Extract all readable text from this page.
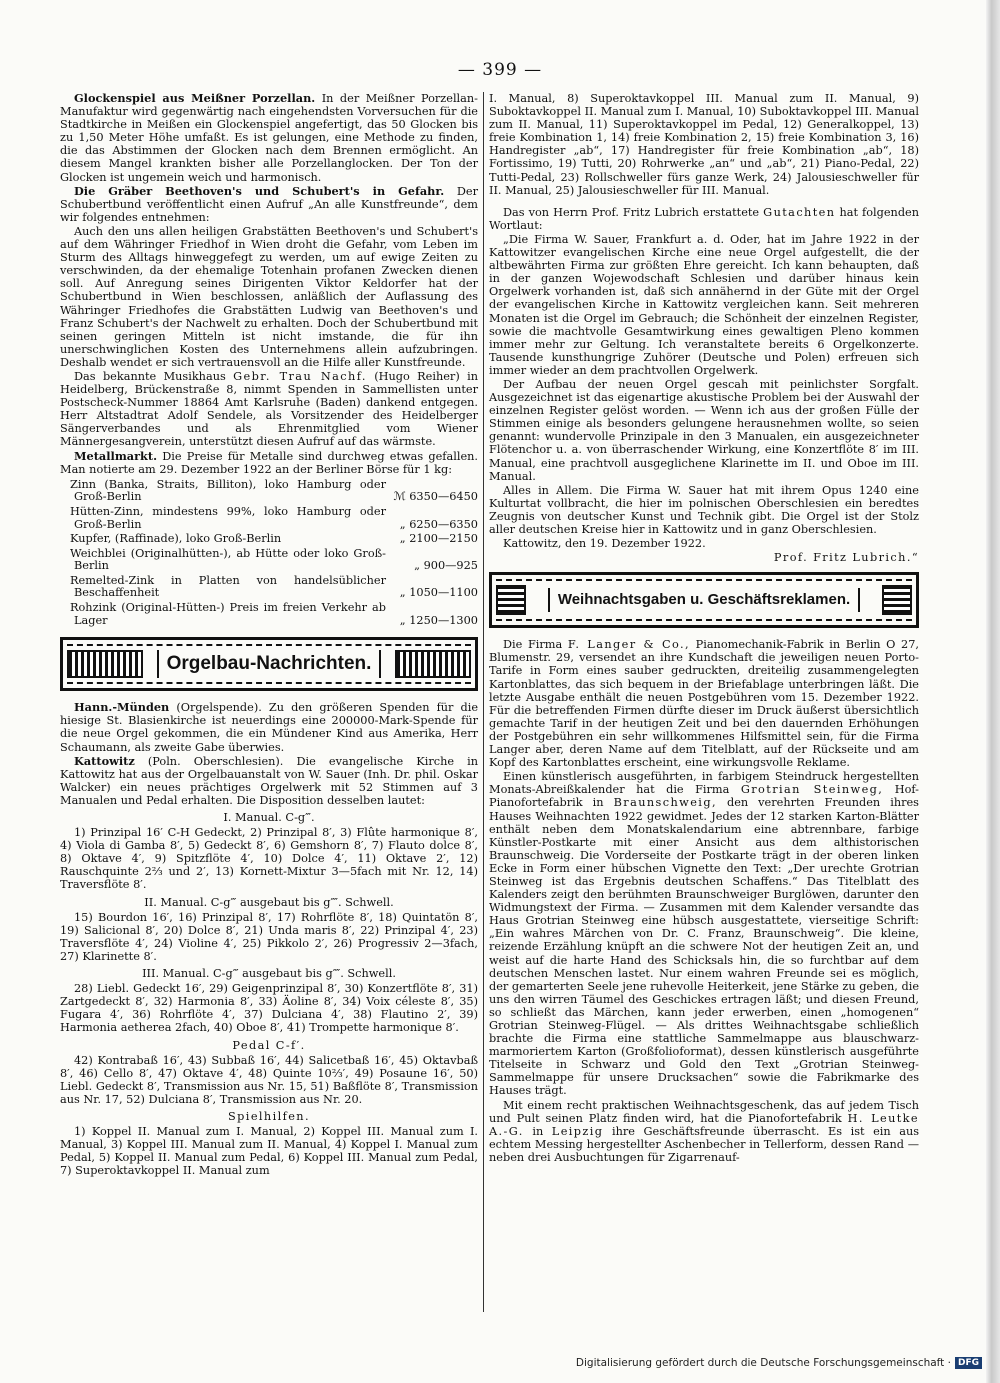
— 399 —

Glockenspiel aus Meißner Porzellan. In der Meißner Porzellan-Manufaktur wird gegenwärtig nach eingehendsten Vorversuchen für die Stadtkirche in Meißen ein Glockenspiel angefertigt, das 50 Glocken bis zu 1,50 Meter Höhe umfaßt. Es ist gelungen, eine Methode zu finden, die das Abstimmen der Glocken nach dem Brennen ermöglicht. An diesem Mangel krankten bisher alle Porzellanglocken. Der Ton der Glocken ist ungemein weich und harmonisch.

Die Gräber Beethoven's und Schubert's in Gefahr. Der Schubertbund veröffentlicht einen Aufruf „An alle Kunstfreunde“, dem wir folgendes entnehmen:

Auch den uns allen heiligen Grabstätten Beethoven's und Schubert's auf dem Währinger Friedhof in Wien droht die Gefahr, vom Leben im Sturm des Alltags hinweggefegt zu werden, um auf ewige Zeiten zu verschwinden, da der ehemalige Totenhain profanen Zwecken dienen soll. Auf Anregung seines Dirigenten Viktor Keldorfer hat der Schubertbund in Wien beschlossen, anläßlich der Auflassung des Währinger Friedhofes die Grabstätten Ludwig van Beethoven's und Franz Schubert's der Nachwelt zu erhalten. Doch der Schubertbund mit seinen geringen Mitteln ist nicht imstande, die für ihn unerschwinglichen Kosten des Unternehmens allein aufzubringen. Deshalb wendet er sich vertrauensvoll an die Hilfe aller Kunstfreunde.

Das bekannte Musikhaus Gebr. Trau Nachf. (Hugo Reiher) in Heidelberg, Brückenstraße 8, nimmt Spenden in Sammellisten unter Postscheck-Nummer 18864 Amt Karlsruhe (Baden) dankend entgegen. Herr Altstadtrat Adolf Sendele, als Vorsitzender des Heidelberger Sängerverbandes und als Ehrenmitglied vom Wiener Männergesangverein, unterstützt diesen Aufruf auf das wärmste.

Metallmarkt. Die Preise für Metalle sind durchweg etwas gefallen. Man notierte am 29. Dezember 1922 an der Berliner Börse für 1 kg:

Zinn (Banka, Straits, Billiton), loko Hamburg oder Groß-Berlin	ℳ 6350—6450
Hütten-Zinn, mindestens 99%, loko Hamburg oder Groß-Berlin	„ 6250—6350
Kupfer, (Raffinade), loko Groß-Berlin	„ 2100—2150
Weichblei (Originalhütten-), ab Hütte oder loko Groß-Berlin	„ 900—925
Remelted-Zink in Platten von handelsüblicher Beschaffenheit	„ 1050—1100
Rohzink (Original-Hütten-) Preis im freien Verkehr ab Lager	„ 1250—1300
Orgelbau-Nachrichten.

Hann.-Münden (Orgelspende). Zu den größeren Spenden für die hiesige St. Blasienkirche ist neuerdings eine 200000-Mark-Spende für die neue Orgel gekommen, die ein Mündener Kind aus Amerika, Herr Schaumann, als zweite Gabe überwies.

Kattowitz (Poln. Oberschlesien). Die evangelische Kirche in Kattowitz hat aus der Orgelbauanstalt von W. Sauer (Inh. Dr. phil. Oskar Walcker) ein neues prächtiges Orgelwerk mit 52 Stimmen auf 3 Manualen und Pedal erhalten. Die Disposition desselben lautet:

I. Manual. C-g‴.

1) Prinzipal 16′ C-H Gedeckt, 2) Prinzipal 8′, 3) Flûte harmonique 8′, 4) Viola di Gamba 8′, 5) Gedeckt 8′, 6) Gemshorn 8′, 7) Flauto dolce 8′, 8) Oktave 4′, 9) Spitzflöte 4′, 10) Dolce 4′, 11) Oktave 2′, 12) Rauschquinte 2⅔ und 2′, 13) Kornett-Mixtur 3—5fach mit Nr. 12, 14) Traversflöte 8′.

II. Manual. C-g‴ ausgebaut bis g⁗. Schwell.

15) Bourdon 16′, 16) Prinzipal 8′, 17) Rohrflöte 8′, 18) Quintatön 8′, 19) Salicional 8′, 20) Dolce 8′, 21) Unda maris 8′, 22) Prinzipal 4′, 23) Traversflöte 4′, 24) Violine 4′, 25) Pikkolo 2′, 26) Progressiv 2—3fach, 27) Klarinette 8′.

III. Manual. C-g‴ ausgebaut bis g⁗. Schwell.

28) Liebl. Gedeckt 16′, 29) Geigenprinzipal 8′, 30) Konzertflöte 8′, 31) Zartgedeckt 8′, 32) Harmonia 8′, 33) Äoline 8′, 34) Voix céleste 8′, 35) Fugara 4′, 36) Rohrflöte 4′, 37) Dulciana 4′, 38) Flautino 2′, 39) Harmonia aetherea 2fach, 40) Oboe 8′, 41) Trompette harmonique 8′.

Pedal C-f′.

42) Kontrabaß 16′, 43) Subbaß 16′, 44) Salicetbaß 16′, 45) Oktavbaß 8′, 46) Cello 8′, 47) Oktave 4′, 48) Quinte 10⅔′, 49) Posaune 16′, 50) Liebl. Gedeckt 8′, Transmission aus Nr. 15, 51) Baßflöte 8′, Transmission aus Nr. 17, 52) Dulciana 8′, Transmission aus Nr. 20.

Spielhilfen.

1) Koppel II. Manual zum I. Manual, 2) Koppel III. Manual zum I. Manual, 3) Koppel III. Manual zum II. Manual, 4) Koppel I. Manual zum Pedal, 5) Koppel II. Manual zum Pedal, 6) Koppel III. Manual zum Pedal, 7) Superoktavkoppel II. Manual zum

I. Manual, 8) Superoktavkoppel III. Manual zum II. Manual, 9) Suboktavkoppel II. Manual zum I. Manual, 10) Suboktavkoppel III. Manual zum II. Manual, 11) Superoktavkoppel im Pedal, 12) Generalkoppel, 13) freie Kombination 1, 14) freie Kombination 2, 15) freie Kombination 3, 16) Handregister „ab“, 17) Handregister für freie Kombination „ab“, 18) Fortissimo, 19) Tutti, 20) Rohrwerke „an“ und „ab“, 21) Piano-Pedal, 22) Tutti-Pedal, 23) Rollschweller fürs ganze Werk, 24) Jalousieschweller für II. Manual, 25) Jalousieschweller für III. Manual.

Das von Herrn Prof. Fritz Lubrich erstattete Gutachten hat folgenden Wortlaut:

„Die Firma W. Sauer, Frankfurt a. d. Oder, hat im Jahre 1922 in der Kattowitzer evangelischen Kirche eine neue Orgel aufgestellt, die der altbewährten Firma zur größten Ehre gereicht. Ich kann behaupten, daß in der ganzen Wojewodschaft Schlesien und darüber hinaus kein Orgelwerk vorhanden ist, daß sich annähernd in der Güte mit der Orgel der evangelischen Kirche in Kattowitz vergleichen kann. Seit mehreren Monaten ist die Orgel im Gebrauch; die Schönheit der einzelnen Register, sowie die machtvolle Gesamtwirkung eines gewaltigen Pleno kommen immer mehr zur Geltung. Ich veranstaltete bereits 6 Orgelkonzerte. Tausende kunsthungrige Zuhörer (Deutsche und Polen) erfreuen sich immer wieder an dem prachtvollen Orgelwerk.

Der Aufbau der neuen Orgel gescah mit peinlichster Sorgfalt. Ausgezeichnet ist das eigenartige akustische Problem bei der Auswahl der einzelnen Register gelöst worden. — Wenn ich aus der großen Fülle der Stimmen einige als besonders gelungene herausnehmen wollte, so seien genannt: wundervolle Prinzipale in den 3 Manualen, ein ausgezeichneter Flötenchor u. a. von überraschender Wirkung, eine Konzertflöte 8′ im III. Manual, eine prachtvoll ausgeglichene Klarinette im II. und Oboe im III. Manual.

Alles in Allem. Die Firma W. Sauer hat mit ihrem Opus 1240 eine Kulturtat vollbracht, die hier im polnischen Oberschlesien ein beredtes Zeugnis von deutscher Kunst und Technik gibt. Die Orgel ist der Stolz aller deutschen Kreise hier in Kattowitz und in ganz Oberschlesien.

Kattowitz, den 19. Dezember 1922.

Prof. Fritz Lubrich.“

Weihnachtsgaben u. Geschäftsreklamen.

Die Firma F. Langer & Co., Pianomechanik-Fabrik in Berlin O 27, Blumenstr. 29, versendet an ihre Kundschaft die jeweiligen neuen Porto-Tarife in Form eines sauber gedruckten, dreiteilig zusammengelegten Kartonblattes, das sich bequem in der Briefablage unterbringen läßt. Die letzte Ausgabe enthält die neuen Postgebühren vom 15. Dezember 1922. Für die betreffenden Firmen dürfte dieser im Druck äußerst übersichtlich gemachte Tarif in der heutigen Zeit und bei den dauernden Erhöhungen der Postgebühren ein sehr willkommenes Hilfsmittel sein, für die Firma Langer aber, deren Name auf dem Titelblatt, auf der Rückseite und am Kopf des Kartonblattes erscheint, eine wirkungsvolle Reklame.

Einen künstlerisch ausgeführten, in farbigem Steindruck hergestellten Monats-Abreißkalender hat die Firma Grotrian Steinweg, Hof-Pianofortefabrik in Braunschweig, den verehrten Freunden ihres Hauses Weihnachten 1922 gewidmet. Jedes der 12 starken Karton-Blätter enthält neben dem Monatskalendarium eine abtrennbare, farbige Künstler-Postkarte mit einer Ansicht aus dem althistorischen Braunschweig. Die Vorderseite der Postkarte trägt in der oberen linken Ecke in Form einer hübschen Vignette den Text: „Der urechte Grotrian Steinweg ist das Ergebnis deutschen Schaffens.“ Das Titelblatt des Kalenders zeigt den berühmten Braunschweiger Burglöwen, darunter den Widmungstext der Firma. — Zusammen mit dem Kalender versandte das Haus Grotrian Steinweg eine hübsch ausgestattete, vierseitige Schrift: „Ein wahres Märchen von Dr. C. Franz, Braunschweig“. Die kleine, reizende Erzählung knüpft an die schwere Not der heutigen Zeit an, und weist auf die harte Hand des Schicksals hin, die so furchtbar auf dem deutschen Menschen lastet. Nur einem wahren Freunde sei es möglich, der gemarterten Seele jene ruhevolle Heiterkeit, jene Stärke zu geben, die uns den wirren Täumel des Geschickes ertragen läßt; und diesen Freund, so schließt das Märchen, kann jeder erwerben, einen „homogenen“ Grotrian Steinweg-Flügel. — Als drittes Weihnachtsgabe schließlich brachte die Firma eine stattliche Sammelmappe aus blauschwarz-marmoriertem Karton (Großfolioformat), dessen künstlerisch ausgeführte Titelseite in Schwarz und Gold den Text „Grotrian Steinweg-Sammelmappe für unsere Drucksachen“ sowie die Fabrikmarke des Hauses trägt.

Mit einem recht praktischen Weihnachtsgeschenk, das auf jedem Tisch und Pult seinen Platz finden wird, hat die Pianofortefabrik H. Leutke A.-G. in Leipzig ihre Geschäftsfreunde überrascht. Es ist ein aus echtem Messing hergestellter Aschenbecher in Tellerform, dessen Rand — neben drei Ausbuchtungen für Zigarrenauf-

Digitalisierung gefördert durch die Deutsche Forschungsgemeinschaft · DFG
